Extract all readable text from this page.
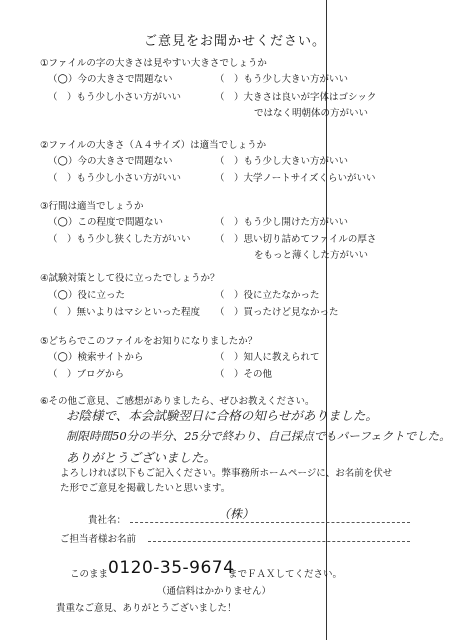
ご意見をお聞かせください。
①ファイルの字の大きさは見やすい大きさでしょうか
（○）今の大きさで問題ない	（　）もう少し大きい方がいい
（　）もう少し小さい方がいい	（　）大きさは良いが字体はゴシック
ではなく明朝体の方がいい
②ファイルの大きさ（Ａ４サイズ）は適当でしょうか
（○）今の大きさで問題ない	（　）もう少し大きい方がいい
（　）もう少し小さい方がいい	（　）大学ノートサイズくらいがいい
③行間は適当でしょうか
（○）この程度で問題ない	（　）もう少し開けた方がいい
（　）もう少し狭くした方がいい	（　）思い切り詰めてファイルの厚さ
をもっと薄くした方がいい
④試験対策として役に立ったでしょうか？
（○）役に立った	（　）役に立たなかった
（　）無いよりはマシといった程度 （　）買ったけど見なかった
⑤どちらでこのファイルをお知りになりましたか？
（○）検索サイトから	（　）知人に教えられて
（　）ブログから	（　）その他
⑥その他ご意見、ご感想がありましたら、ぜひお教えください。
お陰様で、本会試験翌日に合格の知らせがありました。
制限時間50分の半分、25分で終わり、自己採点でもパーフェクトでした。
ありがとうございました。
よろしければ以下もご記入ください。弊事務所ホームページに、お名前を伏せ
た形でご意見を掲載したいと思います。
貴社名：	（株）
ご担当者様お名前
このまま 0120-35-9674
までＦＡＸしてください。
（通信料はかかりません）
貴重なご意見、ありがとうございました！
